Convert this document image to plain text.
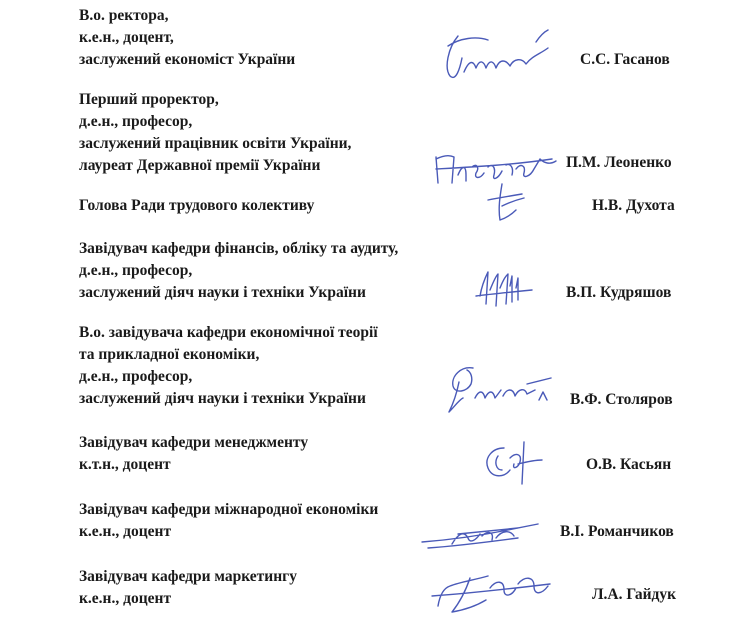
В.о. ректора,
к.е.н., доцент,
заслужений економіст України	С.С. Гасанов
Перший проректор,
д.е.н., професор,
заслужений працівник освіти України,
лауреат Державної премії України	П.М. Леоненко
Голова Ради трудового колективу	Н.В. Духота
Завідувач кафедри фінансів, обліку та аудиту,
д.е.н., професор,
заслужений діяч науки і техніки України	В.П. Кудряшов
В.о. завідувача кафедри економічної теорії
та прикладної економіки,
д.е.н., професор,
заслужений діяч науки і техніки України	В.Ф. Столяров
Завідувач кафедри менеджменту
к.т.н., доцент	О.В. Касьян
Завідувач кафедри міжнародної економіки
к.е.н., доцент	В.І. Романчиков
Завідувач кафедри маркетингу
к.е.н., доцент	Л.А. Гайдук
